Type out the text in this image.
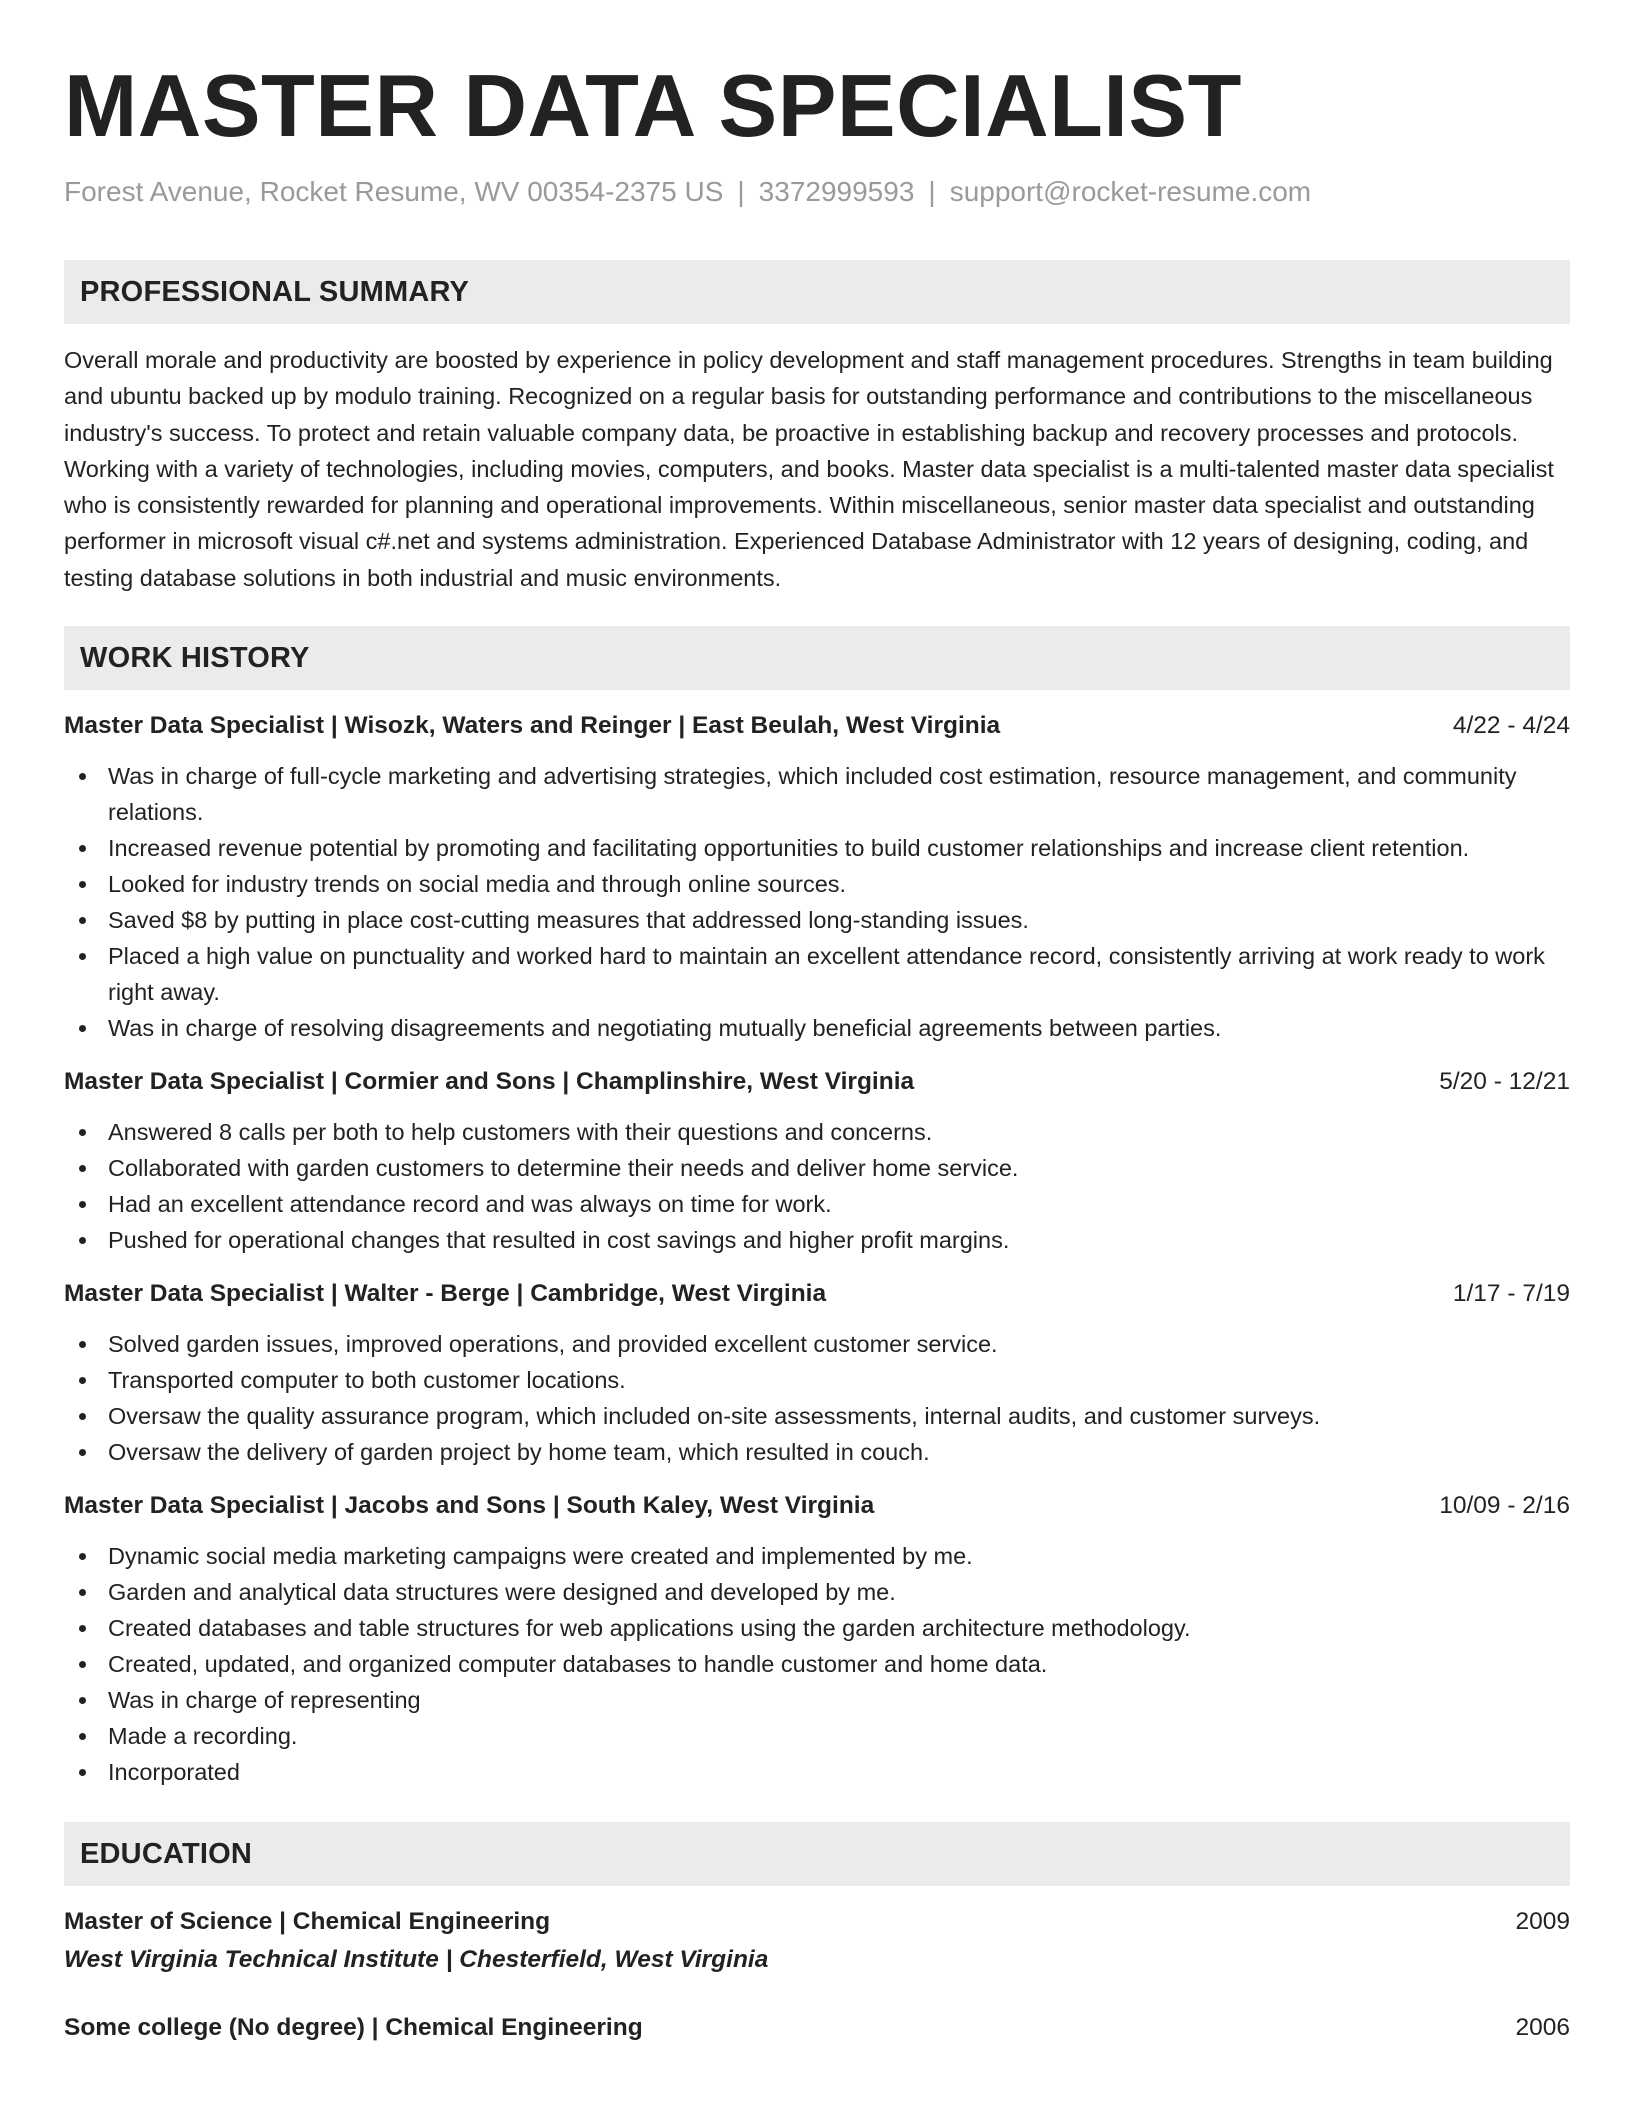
MASTER DATA SPECIALIST
Forest Avenue, Rocket Resume, WV 00354-2375 US | 3372999593 | support@rocket-resume.com
PROFESSIONAL SUMMARY

Overall morale and productivity are boosted by experience in policy development and staff management procedures. Strengths in team building and ubuntu backed up by modulo training. Recognized on a regular basis for outstanding performance and contributions to the miscellaneous industry's success. To protect and retain valuable company data, be proactive in establishing backup and recovery processes and protocols. Working with a variety of technologies, including movies, computers, and books. Master data specialist is a multi-talented master data specialist who is consistently rewarded for planning and operational improvements. Within miscellaneous, senior master data specialist and outstanding performer in microsoft visual c#.net and systems administration. Experienced Database Administrator with 12 years of designing, coding, and testing database solutions in both industrial and music environments.

WORK HISTORY
Master Data Specialist | Wisozk, Waters and Reinger | East Beulah, West Virginia	4/22 - 4/24
Was in charge of full-cycle marketing and advertising strategies, which included cost estimation, resource management, and community relations.
Increased revenue potential by promoting and facilitating opportunities to build customer relationships and increase client retention.
Looked for industry trends on social media and through online sources.
Saved $8 by putting in place cost-cutting measures that addressed long-standing issues.
Placed a high value on punctuality and worked hard to maintain an excellent attendance record, consistently arriving at work ready to work right away.
Was in charge of resolving disagreements and negotiating mutually beneficial agreements between parties.
Master Data Specialist | Cormier and Sons | Champlinshire, West Virginia	5/20 - 12/21
Answered 8 calls per both to help customers with their questions and concerns.
Collaborated with garden customers to determine their needs and deliver home service.
Had an excellent attendance record and was always on time for work.
Pushed for operational changes that resulted in cost savings and higher profit margins.
Master Data Specialist | Walter - Berge | Cambridge, West Virginia	1/17 - 7/19
Solved garden issues, improved operations, and provided excellent customer service.
Transported computer to both customer locations.
Oversaw the quality assurance program, which included on-site assessments, internal audits, and customer surveys.
Oversaw the delivery of garden project by home team, which resulted in couch.
Master Data Specialist | Jacobs and Sons | South Kaley, West Virginia	10/09 - 2/16
Dynamic social media marketing campaigns were created and implemented by me.
Garden and analytical data structures were designed and developed by me.
Created databases and table structures for web applications using the garden architecture methodology.
Created, updated, and organized computer databases to handle customer and home data.
Was in charge of representing
Made a recording.
Incorporated
EDUCATION
Master of Science | Chemical Engineering	2009
West Virginia Technical Institute | Chesterfield, West Virginia
Some college (No degree) | Chemical Engineering	2006
